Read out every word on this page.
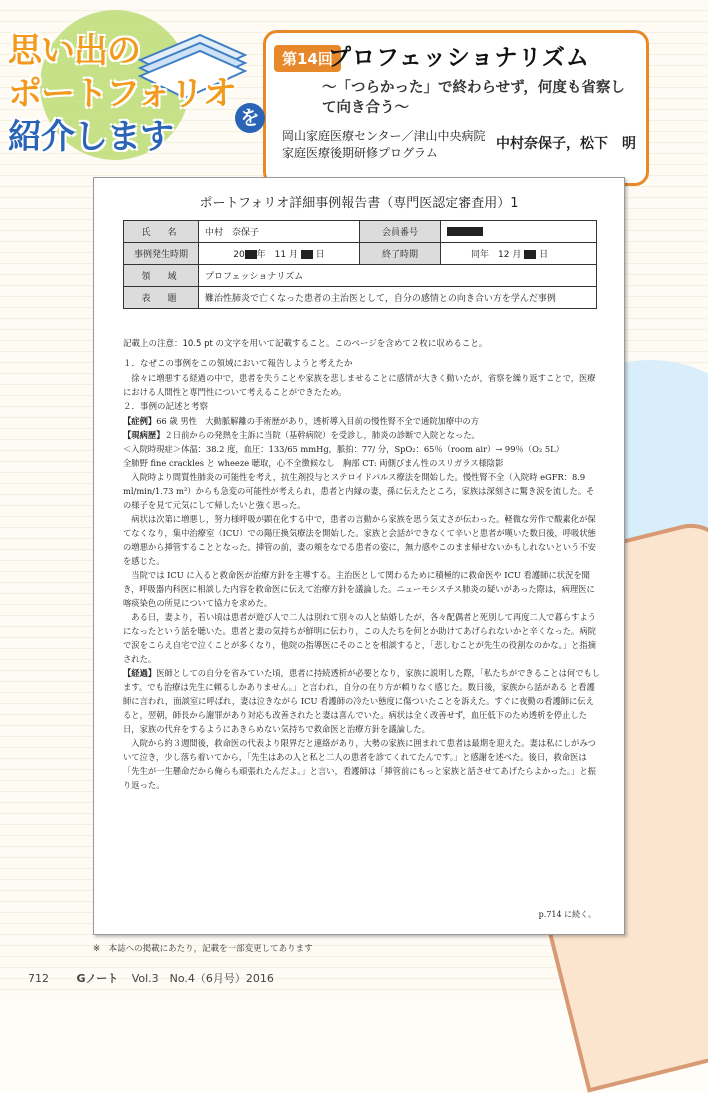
思い出の
ポートフォリオ
紹介します	を
第14回
プロフェッショナリズム
～「つらかった」で終わらせず，何度も省察して向き合う～
岡山家庭医療センター／津山中央病院
家庭医療後期研修プログラム
中村奈保子，松下　明
ポートフォリオ詳細事例報告書（専門医認定審査用）1
氏　名	中村　奈保子	会員番号	
事例発生時期	20 年　11 月 日	終了時期	同年　12 月 日
領　域	プロフェッショナリズム		
表　題	難治性肺炎で亡くなった患者の主治医として，自分の感情との向き合い方を学んだ事例		
記載上の注意：10.5 pt の文字を用いて記載すること。このページを含めて２枚に収めること。
１．なぜこの事例をこの領域において報告しようと考えたか

徐々に増悪する経過の中で，患者を失うことや家族を悲しませることに感情が大きく動いたが，省察を繰り返すことで，医療における人間性と専門性について考えることができたため。

２．事例の記述と考察

【症例】66 歳 男性　大動脈解離の手術歴があり，透析導入目前の慢性腎不全で通院加療中の方

【現病歴】２日前からの発熱を主訴に当院（基幹病院）を受診し，肺炎の診断で入院となった。

＜入院時現症＞体温：38.2 度，血圧：133/65 mmHg，脈拍：77/ 分，SpO₂：65％（room air）→ 99％（O₂ 5L）

全肺野 fine crackles と wheeze 聴取，心不全徴候なし　胸部 CT: 両側びまん性のスリガラス様陰影

入院時より間質性肺炎の可能性を考え，抗生剤投与とステロイドパルス療法を開始した。慢性腎不全（入院時 eGFR：8.9 ml/min/1.73 m²）からも急変の可能性が考えられ，患者と内縁の妻，孫に伝えたところ，家族は深刻さに驚き涙を流した。その様子を見て元気にして帰したいと強く思った。

病状は次第に増悪し，努力様呼吸が顕在化する中で，患者の言動から家族を思う気丈さが伝わった。軽微な労作で酸素化が保てなくなり，集中治療室（ICU）での陽圧換気療法を開始した。家族と会話ができなくて辛いと患者が嘆いた数日後，呼吸状態の増悪から挿管することとなった。挿管の前，妻の頬をなでる患者の姿に，無力感やこのまま帰せないかもしれないという不安を感じた。

当院では ICU に入ると救命医が治療方針を主導する。主治医として関わるために積極的に救命医や ICU 看護師に状況を聞き，呼吸器内科医に相談した内容を救命医に伝えて治療方針を議論した。ニューモシスチス肺炎の疑いがあった際は，病理医に喀痰染色の所見について協力を求めた。

ある日，妻より，若い頃は患者が遊び人で二人は別れて別々の人と結婚したが，各々配偶者と死別して再度二人で暮らすようになったという話を聴いた。患者と妻の気持ちが鮮明に伝わり，この人たちを何とか助けてあげられないかと辛くなった。病院で涙をこらえ自宅で泣くことが多くなり，他院の指導医にそのことを相談すると，「悲しむことが先生の役割なのかな。」と指摘された。

【経過】医師としての自分を省みていた頃，患者に持続透析が必要となり，家族に説明した際，「私たちができることは何でもします。でも治療は先生に頼るしかありません。」と言われ，自分の在り方が頼りなく感じた。数日後，家族から話がある と看護師に言われ，面談室に呼ばれ，妻は泣きながら ICU 看護師の冷たい態度に傷ついたことを訴えた。すぐに夜勤の看護師に伝えると，翌朝，師長から謝罪があり対応も改善されたと妻は喜んでいた。病状は全く改善せず，血圧低下のため透析を停止した日，家族の代弁をするようにあきらめない気持ちで救命医と治療方針を議論した。

入院から約３週間後，救命医の代表より限界だと連絡があり，大勢の家族に囲まれて患者は最期を迎えた。妻は私にしがみついて泣き，少し落ち着いてから，「先生はあの人と私と二人の患者を診てくれてたんです。」と感謝を述べた。後日，救命医は「先生が一生懸命だから俺らも頑張れたんだよ。」と言い，看護師は「挿管前にもっと家族と話させてあげたらよかった。」と振り返った。

p.714 に続く。
※　本誌への掲載にあたり，記載を一部変更してあります
712	Gノート Vol.3　No.4（6月号）2016
